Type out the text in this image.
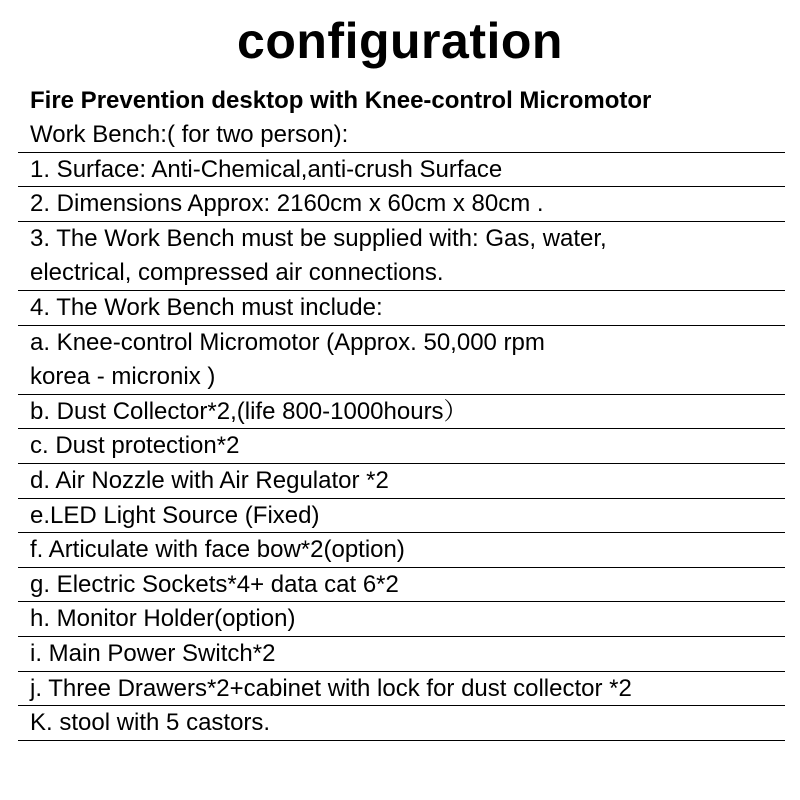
configuration
Fire Prevention desktop with Knee-control Micromotor
Work Bench:( for two person):
1. Surface: Anti-Chemical,anti-crush Surface
2. Dimensions Approx: 2160cm x 60cm x 80cm .
3. The Work Bench must be supplied with: Gas, water,
electrical, compressed air connections.
4. The Work Bench must include:
a. Knee-control Micromotor (Approx. 50,000 rpm
korea - micronix )
b. Dust Collector*2,(life 800-1000hours）
c. Dust protection*2
d. Air Nozzle with Air Regulator *2
e.LED Light Source (Fixed)
f. Articulate with face bow*2(option)
g. Electric Sockets*4+ data cat 6*2
h. Monitor Holder(option)
i. Main Power Switch*2
j. Three Drawers*2+cabinet with lock for dust collector *2
K. stool with 5 castors.
